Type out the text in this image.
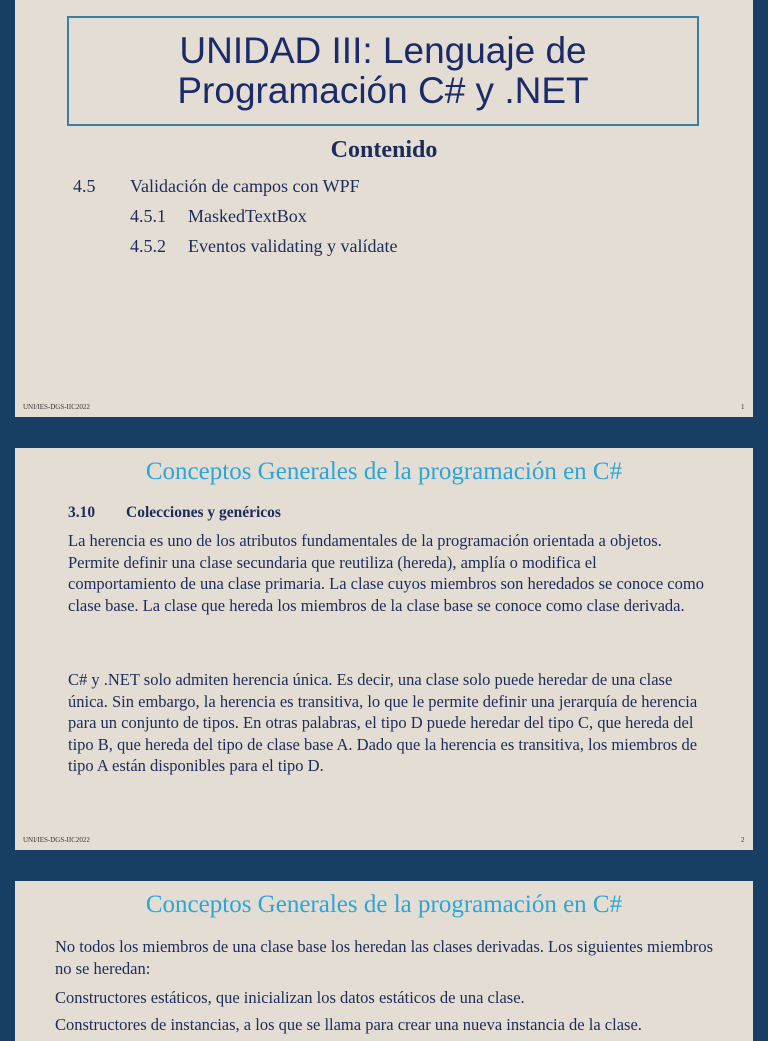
UNIDAD III: Lenguaje de
Programación C# y .NET
Contenido
4.5 Validación de campos con WPF
4.5.1 MaskedTextBox
4.5.2 Eventos validating y valídate
UNI/IES-DGS-IIC2022	1
Conceptos Generales de la programación en C#
3.10 Colecciones y genéricos
La herencia es uno de los atributos fundamentales de la programación orientada a objetos. Permite definir una clase secundaria que reutiliza (hereda), amplía o modifica el comportamiento de una clase primaria. La clase cuyos miembros son heredados se conoce como clase base. La clase que hereda los miembros de la clase base se conoce como clase derivada.
C# y .NET solo admiten herencia única. Es decir, una clase solo puede heredar de una clase única. Sin embargo, la herencia es transitiva, lo que le permite definir una jerarquía de herencia para un conjunto de tipos. En otras palabras, el tipo D puede heredar del tipo C, que hereda del tipo B, que hereda del tipo de clase base A. Dado que la herencia es transitiva, los miembros de tipo A están disponibles para el tipo D.
UNI/IES-DGS-IIC2022	2
Conceptos Generales de la programación en C#
No todos los miembros de una clase base los heredan las clases derivadas. Los siguientes miembros no se heredan:
Constructores estáticos, que inicializan los datos estáticos de una clase.
Constructores de instancias, a los que se llama para crear una nueva instancia de la clase.
